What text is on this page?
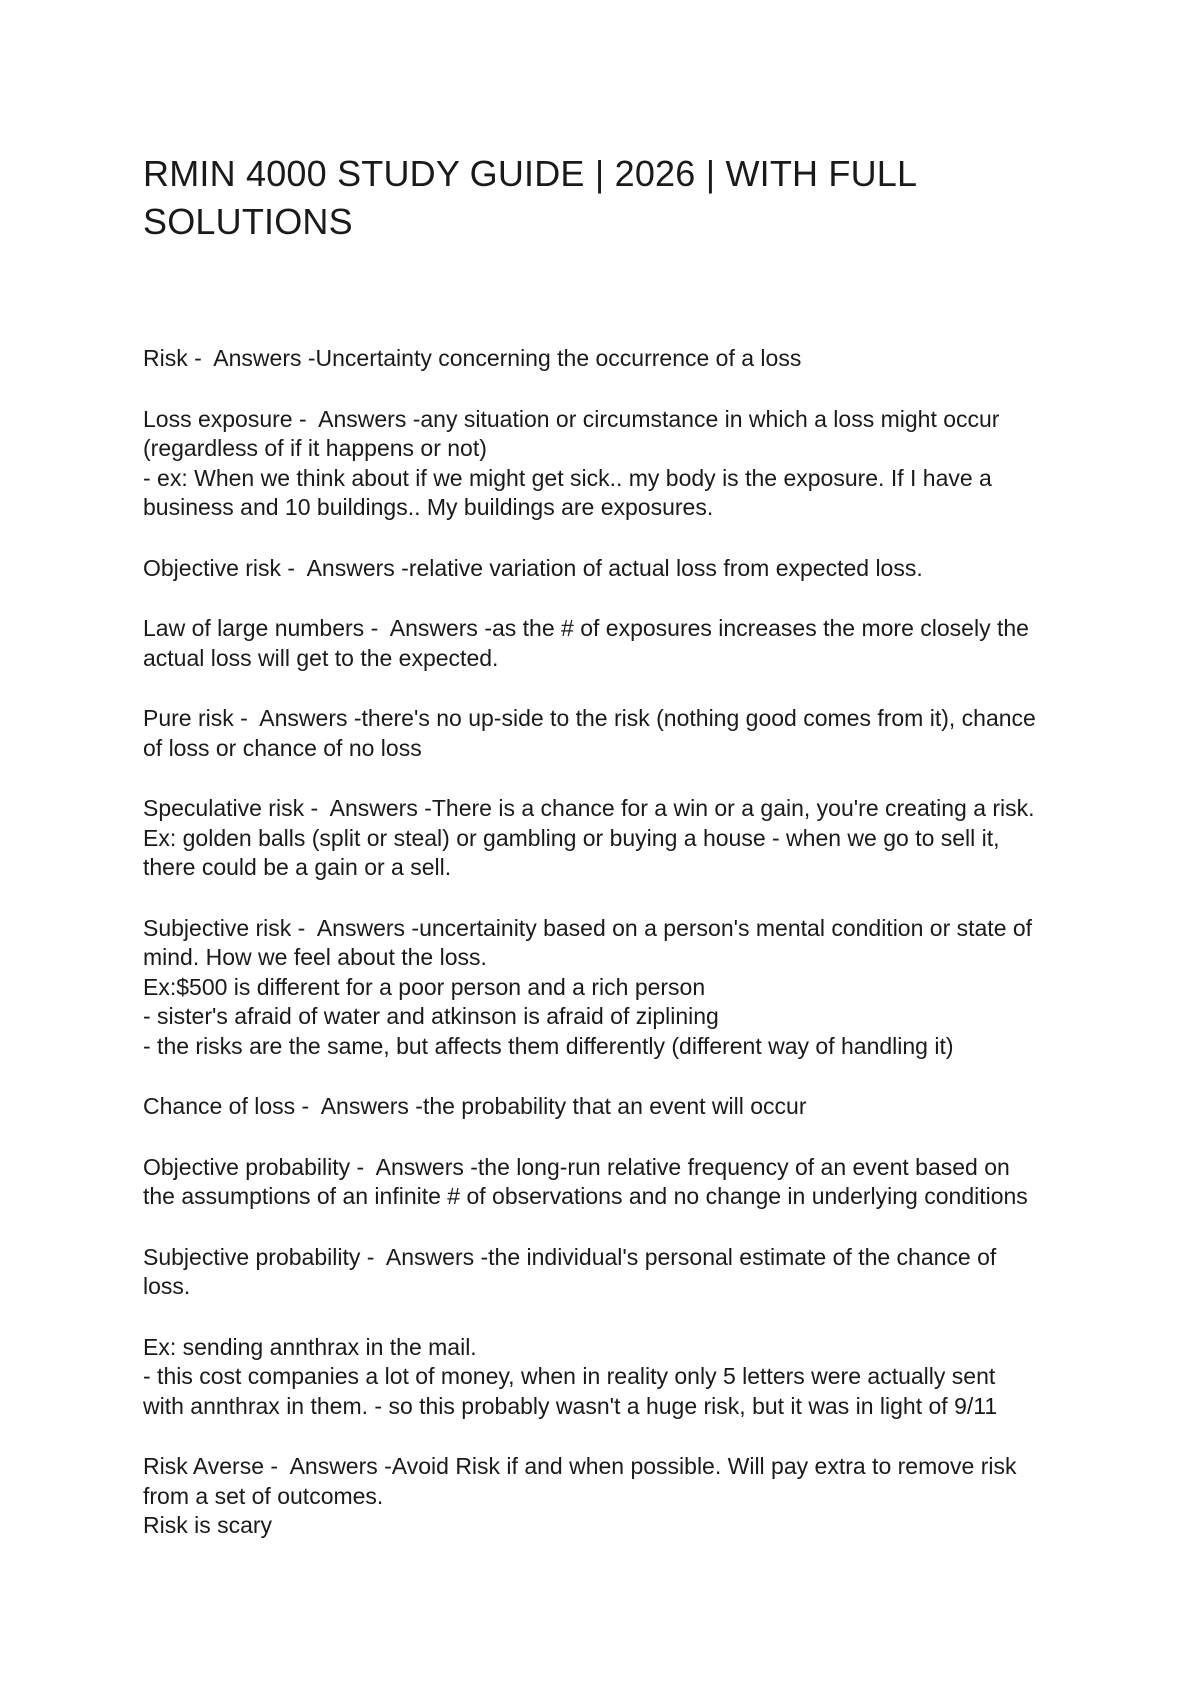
RMIN 4000 STUDY GUIDE | 2026 | WITH FULL
SOLUTIONS
Risk -  Answers -Uncertainty concerning the occurrence of a loss
Loss exposure -  Answers -any situation or circumstance in which a loss might occur
(regardless of if it happens or not)
- ex: When we think about if we might get sick.. my body is the exposure. If I have a
business and 10 buildings.. My buildings are exposures.
Objective risk -  Answers -relative variation of actual loss from expected loss.
Law of large numbers -  Answers -as the # of exposures increases the more closely the
actual loss will get to the expected.
Pure risk -  Answers -there's no up-side to the risk (nothing good comes from it), chance
of loss or chance of no loss
Speculative risk -  Answers -There is a chance for a win or a gain, you're creating a risk.
Ex: golden balls (split or steal) or gambling or buying a house - when we go to sell it,
there could be a gain or a sell.
Subjective risk -  Answers -uncertainity based on a person's mental condition or state of
mind. How we feel about the loss.
Ex:$500 is different for a poor person and a rich person
- sister's afraid of water and atkinson is afraid of ziplining
- the risks are the same, but affects them differently (different way of handling it)
Chance of loss -  Answers -the probability that an event will occur
Objective probability -  Answers -the long-run relative frequency of an event based on
the assumptions of an infinite # of observations and no change in underlying conditions
Subjective probability -  Answers -the individual's personal estimate of the chance of
loss.
Ex: sending annthrax in the mail.
- this cost companies a lot of money, when in reality only 5 letters were actually sent
with annthrax in them. - so this probably wasn't a huge risk, but it was in light of 9/11
Risk Averse -  Answers -Avoid Risk if and when possible. Will pay extra to remove risk
from a set of outcomes.
Risk is scary
